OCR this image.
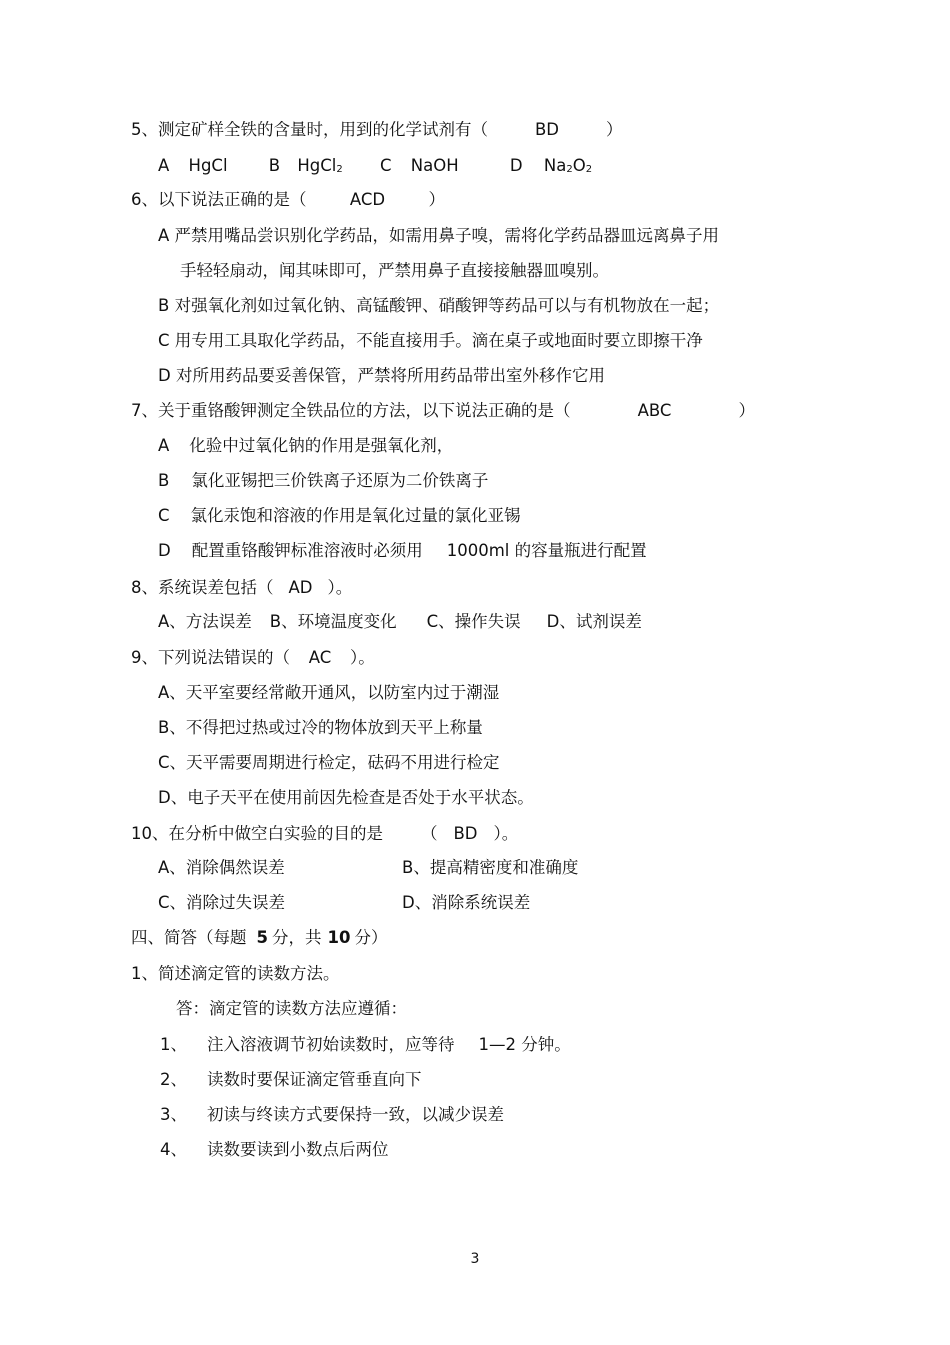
5、测定矿样全铁的含量时，用到的化学试剂有（	BD	）
A HgCl	B HgCl$_2$ C NaOH	D $Na_2O_2$
6、以下说法正确的是（	ACD	）
A 严禁用嘴品尝识别化学药品，如需用鼻子嗅，需将化学药品器皿远离鼻子用
手轻轻扇动，闻其味即可，严禁用鼻子直接接触器皿嗅别。
B 对强氧化剂如过氧化钠、高锰酸钾、硝酸钾等药品可以与有机物放在一起；
C 用专用工具取化学药品，不能直接用手。滴在桌子或地面时要立即擦干净
D 对所用药品要妥善保管，严禁将所用药品带出室外移作它用
7、关于重铬酸钾测定全铁品位的方法，以下说法正确的是（	ABC	）
A 化验中过氧化钠的作用是强氧化剂，
B 氯化亚锡把三价铁离子还原为二价铁离子
C 氯化汞饱和溶液的作用是氧化过量的氯化亚锡
D 配置重铬酸钾标准溶液时必须用 1000ml 的容量瓶进行配置
8、系统误差包括（ AD ）。
A、方法误差 B、环境温度变化 C、操作失误 D、试剂误差
9、下列说法错误的（ AC ）。
A、天平室要经常敞开通风，以防室内过于潮湿
B、不得把过热或过冷的物体放到天平上称量
C、天平需要周期进行检定，砝码不用进行检定
D、电子天平在使用前因先检查是否处于水平状态。
10、在分析中做空白实验的目的是 （ BD ）。
A、消除偶然误差	B、提高精密度和准确度
C、消除过失误差	D、消除系统误差
四、简答（每题 5 分，共 10 分）
1、简述滴定管的读数方法。
答：滴定管的读数方法应遵循：
1、 注入溶液调节初始读数时，应等待 1—2 分钟。
2、 读数时要保证滴定管垂直向下
3、 初读与终读方式要保持一致，以减少误差
4、 读数要读到小数点后两位
3
